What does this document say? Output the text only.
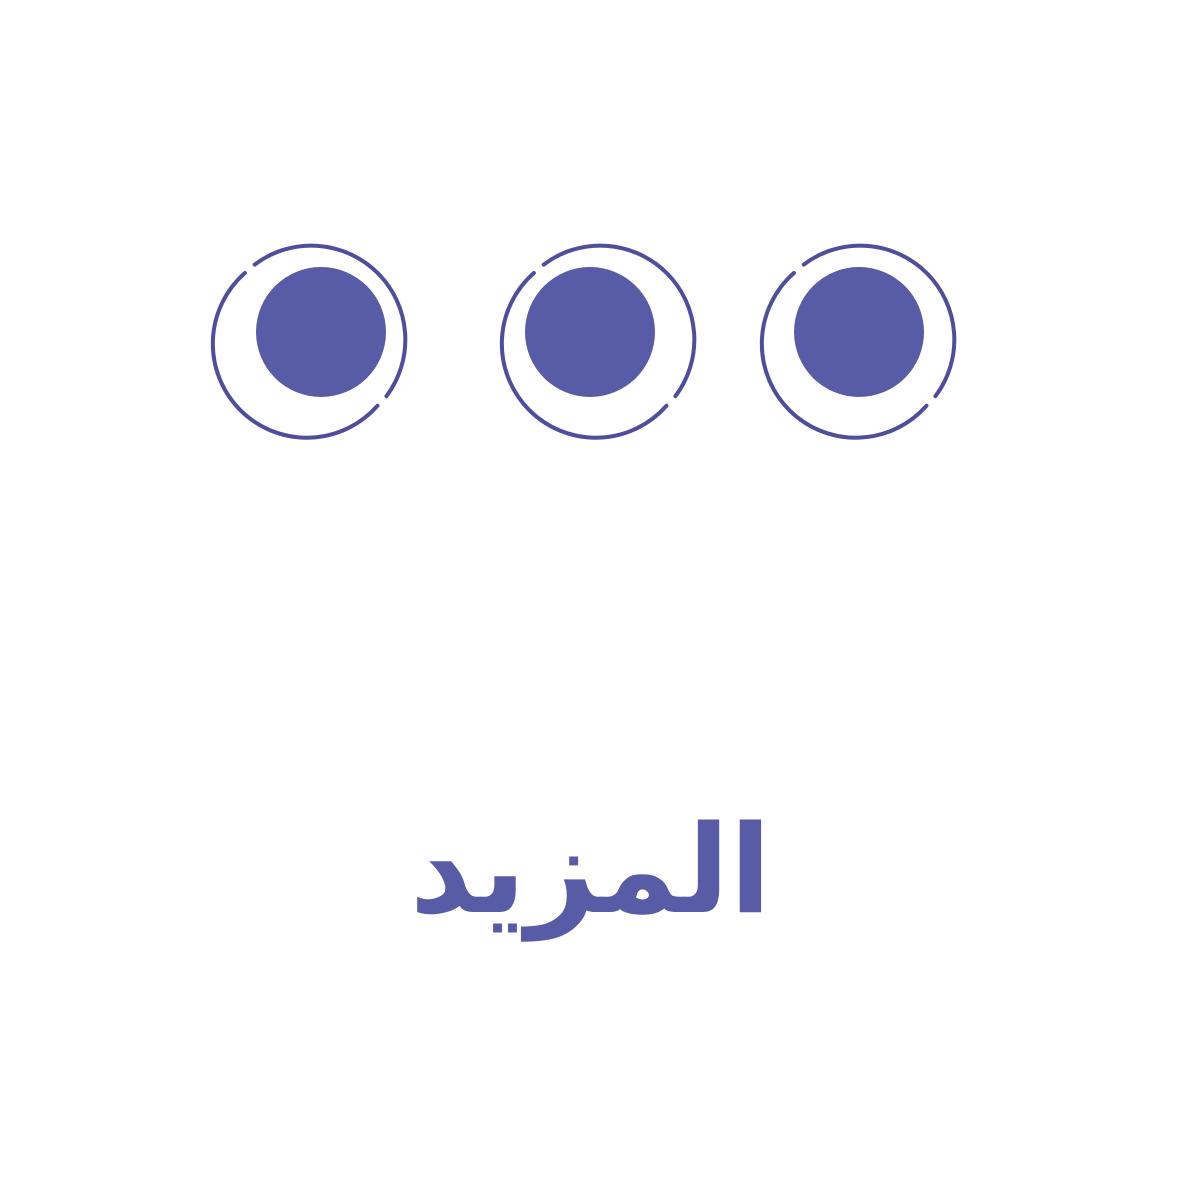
المزيد
